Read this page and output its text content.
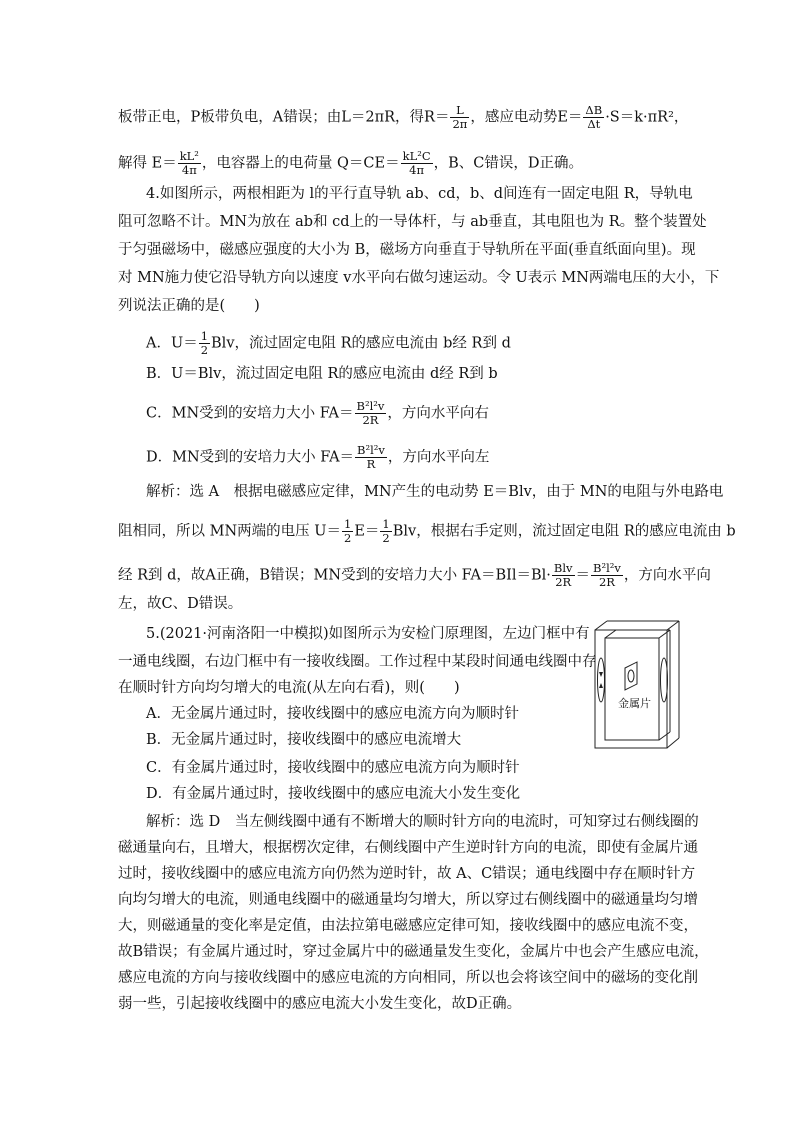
板带正电，P板带负电，A错误；由L＝2πR，得$R= \frac{L}{2\pi}$ ，感应电动势$E= \frac{\Delta B}{\Delta t} \cdot S=k\cdot\pi R^2$，
解得 $E= \frac{\text{kL²}}{4\pi}$ ，电容器上的电荷量 $Q=CE= \frac{\text{kL²C}}{4\pi}$ ，B、C错误，D正确。
4.如图所示，两根相距为 l的平行直导轨 ab、cd，b、d间连有一固定电阻 R，导轨电
阻可忽略不计。MN为放在 ab和 cd上的一导体杆，与 ab垂直，其电阻也为 R。整个装置处
于匀强磁场中，磁感应强度的大小为 B，磁场方向垂直于导轨所在平面(垂直纸面向里)。现
对 MN施力使它沿导轨方向以速度 v水平向右做匀速运动。令 U表示 MN两端电压的大小，下
列说法正确的是(　　)
A．$U= \frac{1}{2}$ Blv，流过固定电阻 R的感应电流由 b经 R到 d
B．U＝Blv，流过固定电阻 R的感应电流由 d经 R到 b
C．MN受到的安培力大小 $FA= \frac{\text{B²l²v}}{2R}$ ，方向水平向右
D．MN受到的安培力大小 $FA= \frac{\text{B²l²v}}{R}$ ，方向水平向左
解析：选 A　根据电磁感应定律，MN产生的电动势 E＝Blv，由于 MN的电阻与外电路电
阻相同，所以 MN两端的电压 $U= \frac{1}{2} E= \frac{1}{2}$ Blv，根据右手定则，流过固定电阻 R的感应电流由 b
经 R到 d，故A正确，B错误；MN受到的安培力大小 $FA=BIl=Bl\cdot \frac{\text{Blv}}{2R} = \frac{\text{B²l²v}}{2R}$ ，方向水平向
左，故C、D错误。
5.(2021·河南洛阳一中模拟)如图所示为安检门原理图，左边门框中有
一通电线圈，右边门框中有一接收线圈。工作过程中某段时间通电线圈中存
在顺时针方向均匀增大的电流(从左向右看)，则(　　)
A．无金属片通过时，接收线圈中的感应电流方向为顺时针
B．无金属片通过时，接收线圈中的感应电流增大
C．有金属片通过时，接收线圈中的感应电流方向为顺时针
D．有金属片通过时，接收线圈中的感应电流大小发生变化
金属片
解析：选 D　当左侧线圈中通有不断增大的顺时针方向的电流时，可知穿过右侧线圈的
磁通量向右，且增大，根据楞次定律，右侧线圈中产生逆时针方向的电流，即使有金属片通
过时，接收线圈中的感应电流方向仍然为逆时针，故 A、C错误；通电线圈中存在顺时针方
向均匀增大的电流，则通电线圈中的磁通量均匀增大，所以穿过右侧线圈中的磁通量均匀增
大，则磁通量的变化率是定值，由法拉第电磁感应定律可知，接收线圈中的感应电流不变，
故B错误；有金属片通过时，穿过金属片中的磁通量发生变化，金属片中也会产生感应电流，
感应电流的方向与接收线圈中的感应电流的方向相同，所以也会将该空间中的磁场的变化削
弱一些，引起接收线圈中的感应电流大小发生变化，故D正确。
